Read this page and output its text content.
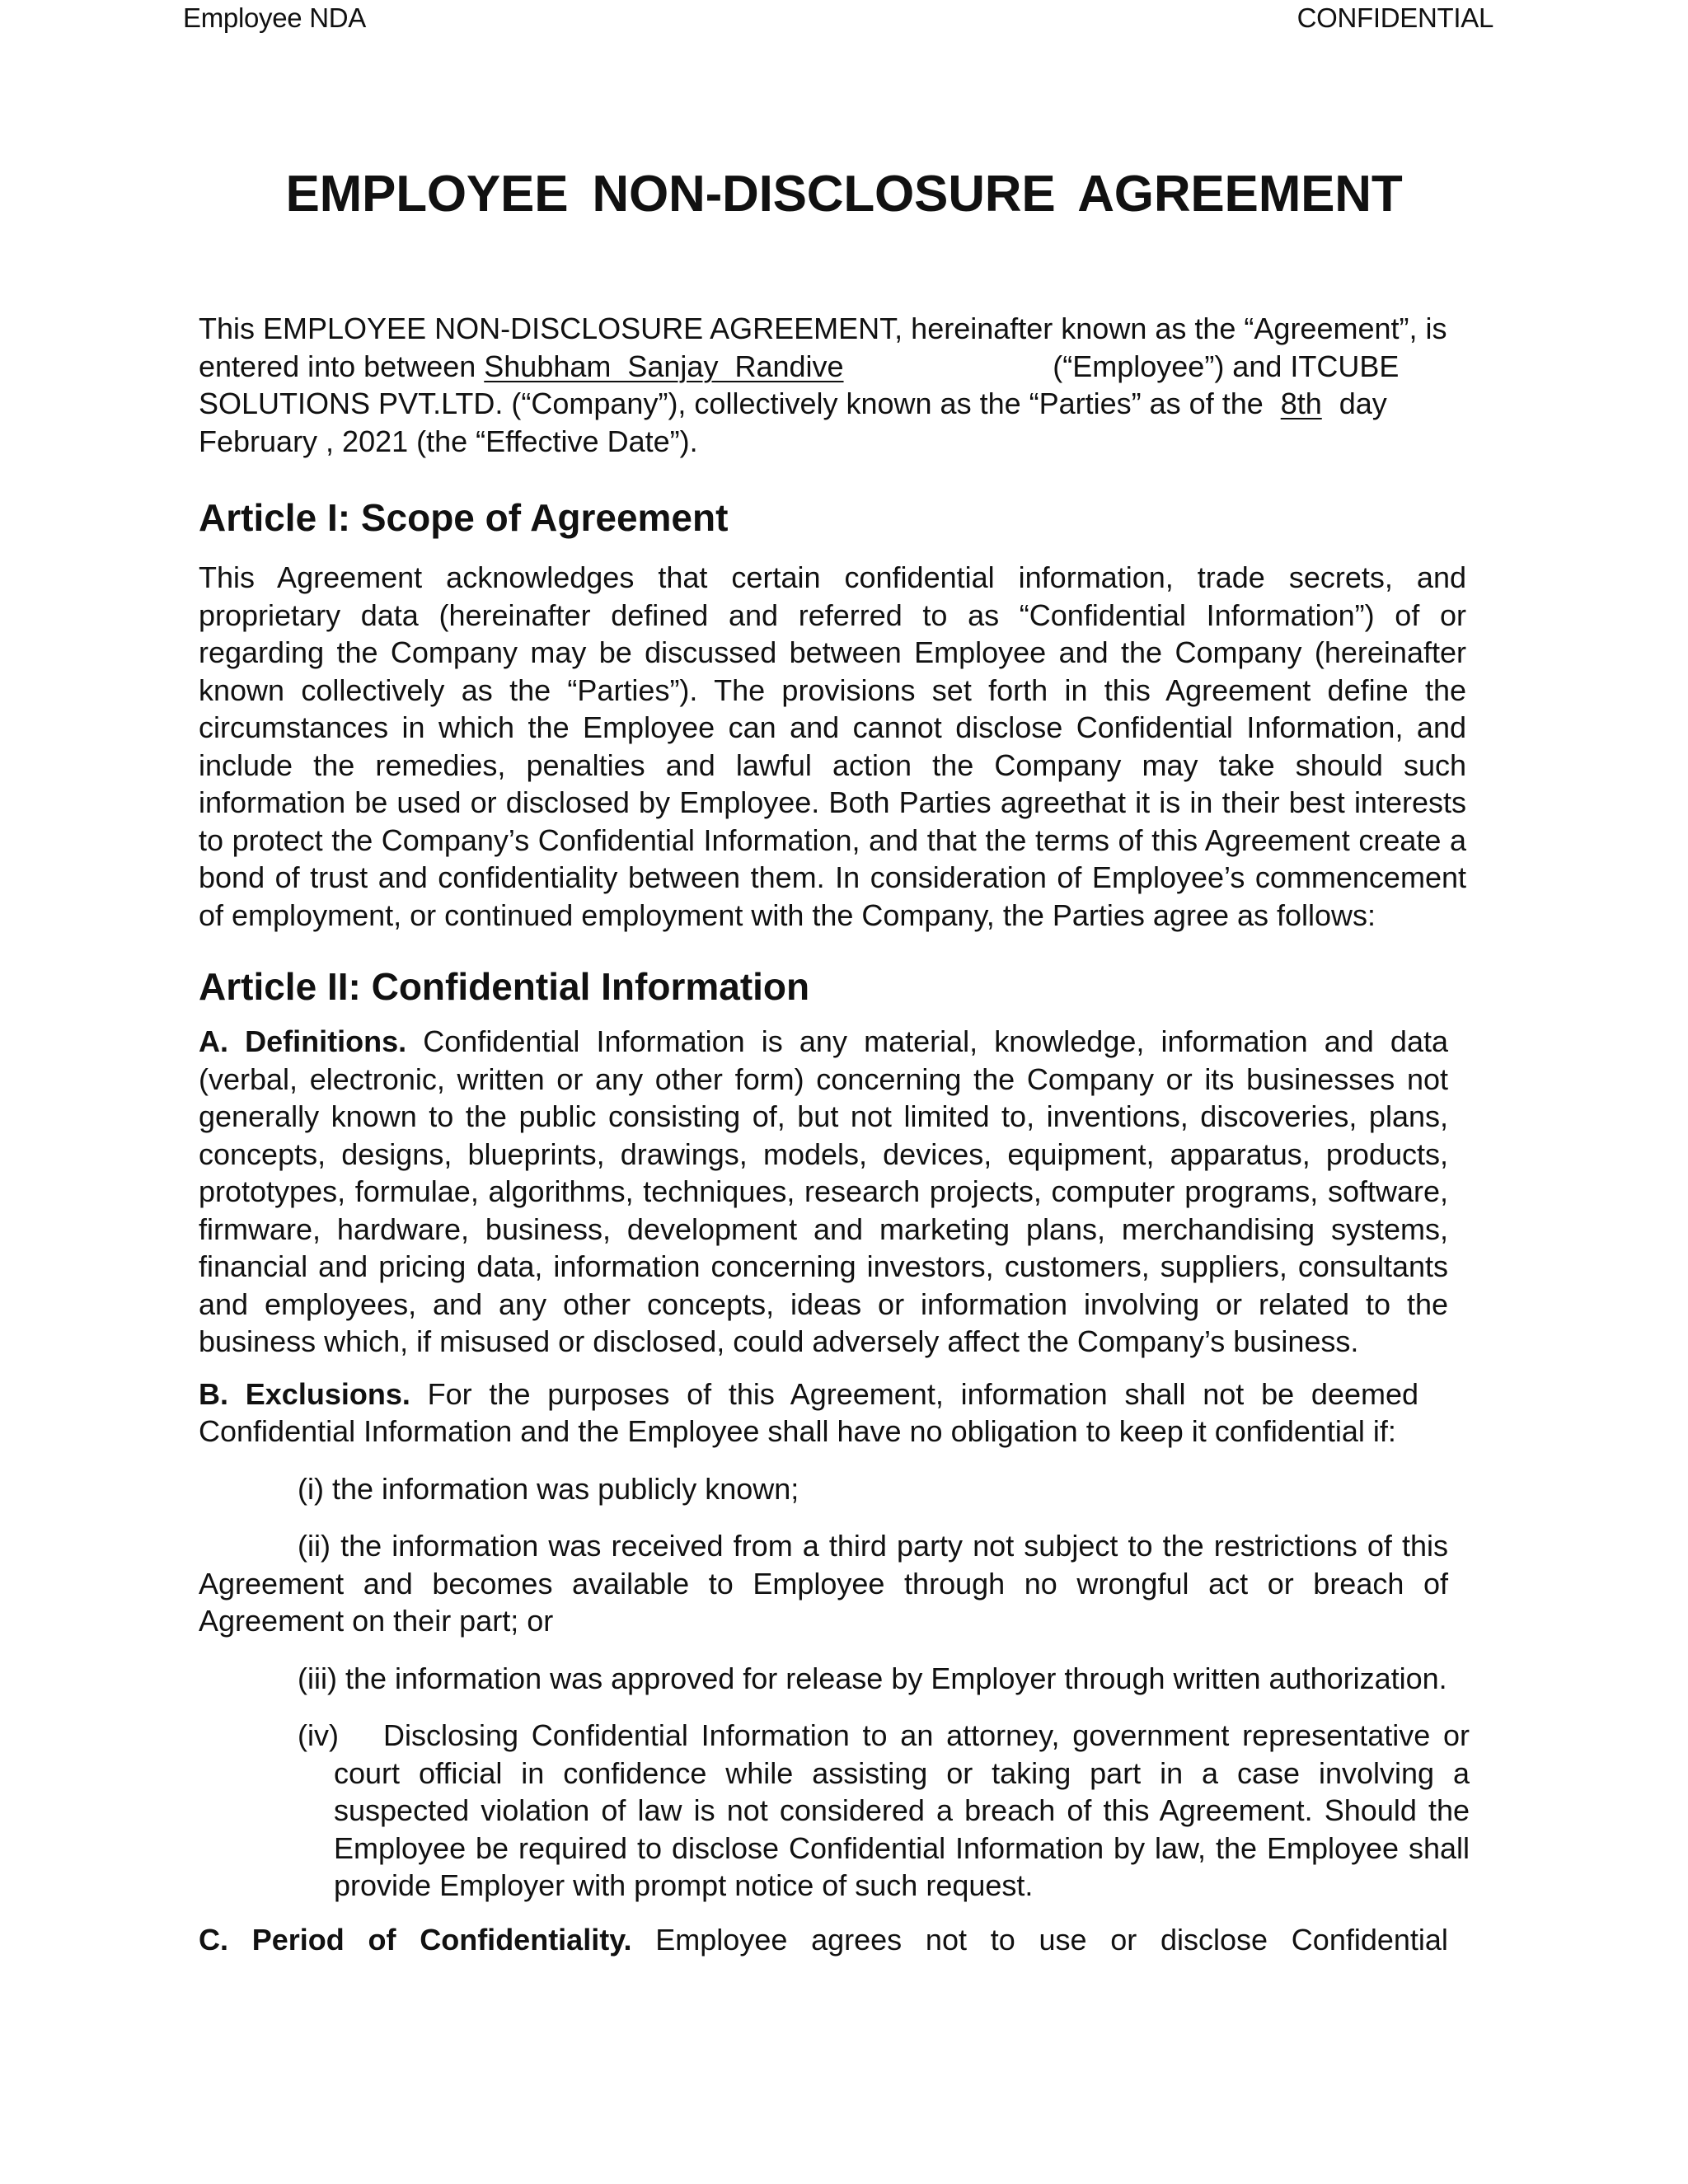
Employee NDA	CONFIDENTIAL
EMPLOYEE NON-DISCLOSURE AGREEMENT

This EMPLOYEE NON-DISCLOSURE AGREEMENT, hereinafter known as the “Agreement”, is entered into between Shubham  Sanjay  Randive	(“Employee”) and ITCUBE SOLUTIONS PVT.LTD. (“Company”), collectively known as the “Parties” as of the 8th day February , 2021 (the “Effective Date”).

Article I: Scope of Agreement

This Agreement acknowledges that certain confidential information, trade secrets, and proprietary data (hereinafter defined and referred to as “Confidential Information”) of or regarding the Company may be discussed between Employee and the Company (hereinafter known collectively as the “Parties”). The provisions set forth in this Agreement define the circumstances in which the Employee can and cannot disclose Confidential Information, and include the remedies, penalties and lawful action the Company may take should such information be used or disclosed by Employee. Both Parties agreethat it is in their best interests to protect the Company’s Confidential Information, and that the terms of this Agreement create a bond of trust and confidentiality between them. In consideration of Employee’s commencement of employment, or continued employment with the Company, the Parties agree as follows:

Article II: Confidential Information

A. Definitions. Confidential Information is any material, knowledge, information and data (verbal, electronic, written or any other form) concerning the Company or its businesses not generally known to the public consisting of, but not limited to, inventions, discoveries, plans, concepts, designs, blueprints, drawings, models, devices, equipment, apparatus, products, prototypes, formulae, algorithms, techniques, research projects, computer programs, software, firmware, hardware, business, development and marketing plans, merchandising systems, financial and pricing data, information concerning investors, customers, suppliers, consultants and employees, and any other concepts, ideas or information involving or related to the business which, if misused or disclosed, could adversely affect the Company’s business.

B. Exclusions. For the purposes of this Agreement, information shall not be deemed Confidential Information and the Employee shall have no obligation to keep it confidential if:

(i) the information was publicly known;

(ii) the information was received from a third party not subject to the restrictions of this Agreement and becomes available to Employee through no wrongful act or breach of Agreement on their part; or

(iii) the information was approved for release by Employer through written authorization.

(iv) Disclosing Confidential Information to an attorney, government representative or court official in confidence while assisting or taking part in a case involving a suspected violation of law is not considered a breach of this Agreement. Should the Employee be required to disclose Confidential Information by law, the Employee shall provide Employer with prompt notice of such request.

C. Period of Confidentiality. Employee agrees not to use or disclose Confidential
